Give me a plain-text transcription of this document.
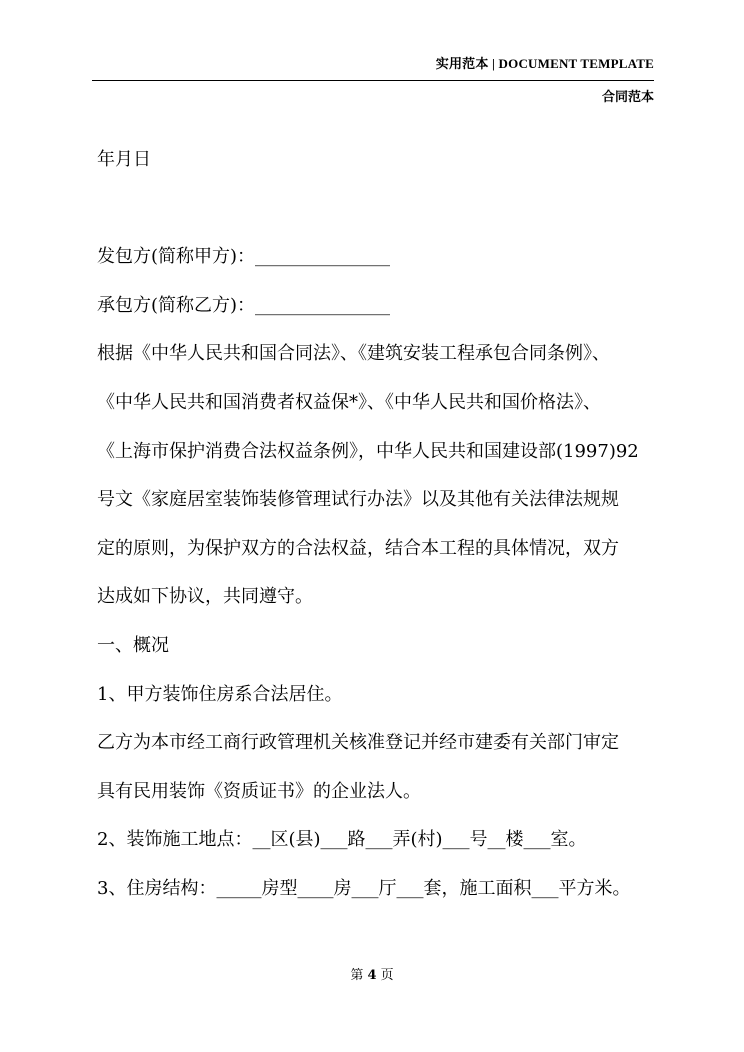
实用范本 | DOCUMENT TEMPLATE
合同范本
年月日
发包方(简称甲方)：_______________
承包方(简称乙方)：_______________
根据《中华人民共和国合同法》、《建筑安装工程承包合同条例》、
《中华人民共和国消费者权益保*》、《中华人民共和国价格法》、
《上海市保护消费合法权益条例》，中华人民共和国建设部(1997)92
号文《家庭居室装饰装修管理试行办法》以及其他有关法律法规规
定的原则，为保护双方的合法权益，结合本工程的具体情况，双方
达成如下协议，共同遵守。
一、概况
1、甲方装饰住房系合法居住。
乙方为本市经工商行政管理机关核准登记并经市建委有关部门审定
具有民用装饰《资质证书》的企业法人。
2、装饰施工地点：__区(县)___路___弄(村)___号__楼___室。
3、住房结构：_____房型____房___厅___套，施工面积___平方米。
第 4 页
